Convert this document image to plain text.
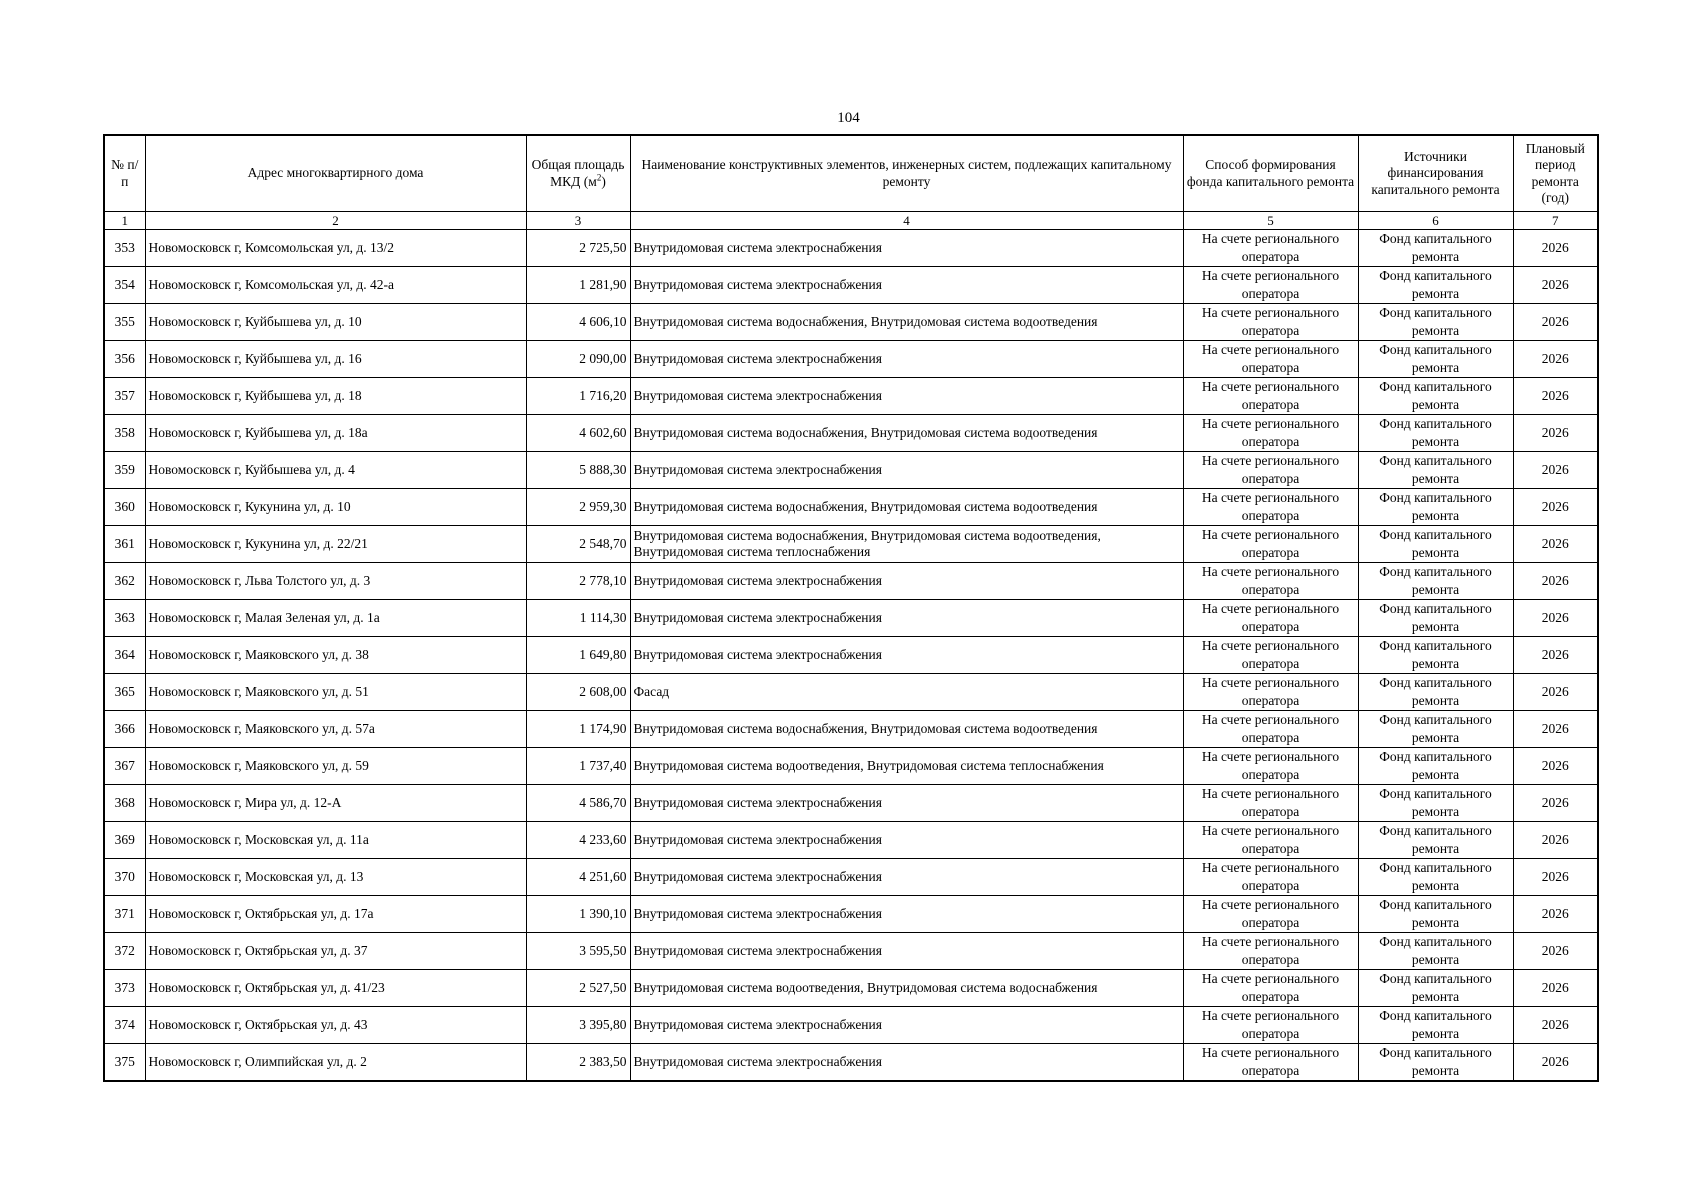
104
№ п/п	Адрес многоквартирного дома	Общая площадь МКД $(м^2)$	Наименование конструктивных элементов, инженерных систем, подлежащих капитальному ремонту	Способ формирования фонда капитального ремонта	Источники финансирования капитального ремонта	Плановый период ремонта (год)
1	2	3	4	5	6	7
353	Новомосковск г, Комсомольская ул, д. 13/2	2 725,50	Внутридомовая система электроснабжения	На счете регионального оператора	Фонд капитального ремонта	2026
354	Новомосковск г, Комсомольская ул, д. 42-а	1 281,90	Внутридомовая система электроснабжения	На счете регионального оператора	Фонд капитального ремонта	2026
355	Новомосковск г, Куйбышева ул, д. 10	4 606,10	Внутридомовая система водоснабжения, Внутридомовая система водоотведения	На счете регионального оператора	Фонд капитального ремонта	2026
356	Новомосковск г, Куйбышева ул, д. 16	2 090,00	Внутридомовая система электроснабжения	На счете регионального оператора	Фонд капитального ремонта	2026
357	Новомосковск г, Куйбышева ул, д. 18	1 716,20	Внутридомовая система электроснабжения	На счете регионального оператора	Фонд капитального ремонта	2026
358	Новомосковск г, Куйбышева ул, д. 18а	4 602,60	Внутридомовая система водоснабжения, Внутридомовая система водоотведения	На счете регионального оператора	Фонд капитального ремонта	2026
359	Новомосковск г, Куйбышева ул, д. 4	5 888,30	Внутридомовая система электроснабжения	На счете регионального оператора	Фонд капитального ремонта	2026
360	Новомосковск г, Кукунина ул, д. 10	2 959,30	Внутридомовая система водоснабжения, Внутридомовая система водоотведения	На счете регионального оператора	Фонд капитального ремонта	2026
361	Новомосковск г, Кукунина ул, д. 22/21	2 548,70	Внутридомовая система водоснабжения, Внутридомовая система водоотведения, Внутридомовая система теплоснабжения	На счете регионального оператора	Фонд капитального ремонта	2026
362	Новомосковск г, Льва Толстого ул, д. 3	2 778,10	Внутридомовая система электроснабжения	На счете регионального оператора	Фонд капитального ремонта	2026
363	Новомосковск г, Малая Зеленая ул, д. 1а	1 114,30	Внутридомовая система электроснабжения	На счете регионального оператора	Фонд капитального ремонта	2026
364	Новомосковск г, Маяковского ул, д. 38	1 649,80	Внутридомовая система электроснабжения	На счете регионального оператора	Фонд капитального ремонта	2026
365	Новомосковск г, Маяковского ул, д. 51	2 608,00	Фасад	На счете регионального оператора	Фонд капитального ремонта	2026
366	Новомосковск г, Маяковского ул, д. 57а	1 174,90	Внутридомовая система водоснабжения, Внутридомовая система водоотведения	На счете регионального оператора	Фонд капитального ремонта	2026
367	Новомосковск г, Маяковского ул, д. 59	1 737,40	Внутридомовая система водоотведения, Внутридомовая система теплоснабжения	На счете регионального оператора	Фонд капитального ремонта	2026
368	Новомосковск г, Мира ул, д. 12-А	4 586,70	Внутридомовая система электроснабжения	На счете регионального оператора	Фонд капитального ремонта	2026
369	Новомосковск г, Московская ул, д. 11а	4 233,60	Внутридомовая система электроснабжения	На счете регионального оператора	Фонд капитального ремонта	2026
370	Новомосковск г, Московская ул, д. 13	4 251,60	Внутридомовая система электроснабжения	На счете регионального оператора	Фонд капитального ремонта	2026
371	Новомосковск г, Октябрьская ул, д. 17а	1 390,10	Внутридомовая система электроснабжения	На счете регионального оператора	Фонд капитального ремонта	2026
372	Новомосковск г, Октябрьская ул, д. 37	3 595,50	Внутридомовая система электроснабжения	На счете регионального оператора	Фонд капитального ремонта	2026
373	Новомосковск г, Октябрьская ул, д. 41/23	2 527,50	Внутридомовая система водоотведения, Внутридомовая система водоснабжения	На счете регионального оператора	Фонд капитального ремонта	2026
374	Новомосковск г, Октябрьская ул, д. 43	3 395,80	Внутридомовая система электроснабжения	На счете регионального оператора	Фонд капитального ремонта	2026
375	Новомосковск г, Олимпийская ул, д. 2	2 383,50	Внутридомовая система электроснабжения	На счете регионального оператора	Фонд капитального ремонта	2026
